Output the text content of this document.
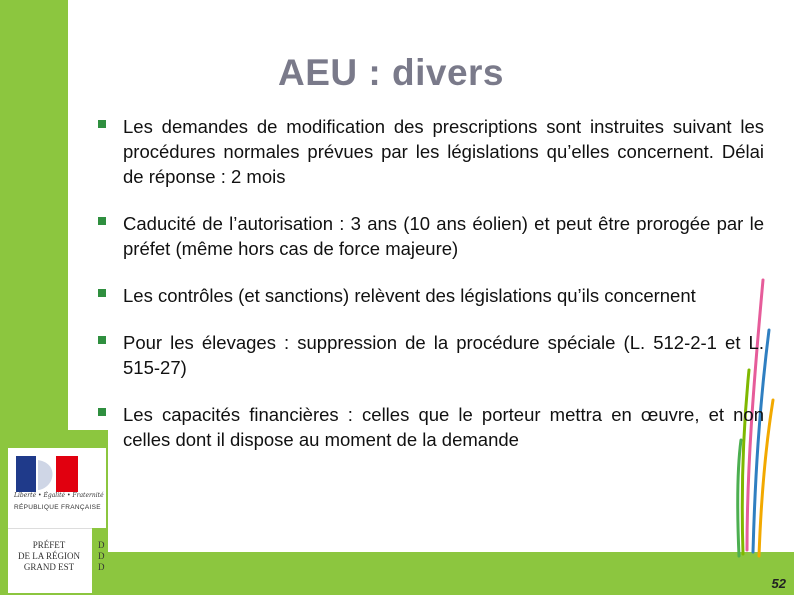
AEU : divers
Les demandes de modification des prescriptions sont instruites suivant les procédures normales prévues par les législations qu’elles concernent. Délai de réponse : 2 mois
Caducité de l’autorisation : 3 ans (10 ans éolien) et peut être prorogée par le préfet (même hors cas de force majeure)
Les contrôles (et sanctions) relèvent des législations qu’ils concernent
Pour les élevages : suppression de la procédure spéciale (L. 512-2-1 et L. 515-27)
Les capacités financières : celles que le porteur mettra en œuvre, et non celles dont il dispose au moment de la demande
Liberté • Égalité • Fraternité
RÉPUBLIQUE FRANÇAISE
PRÉFET
DE LA RÉGION
GRAND EST
D
D
D
52
